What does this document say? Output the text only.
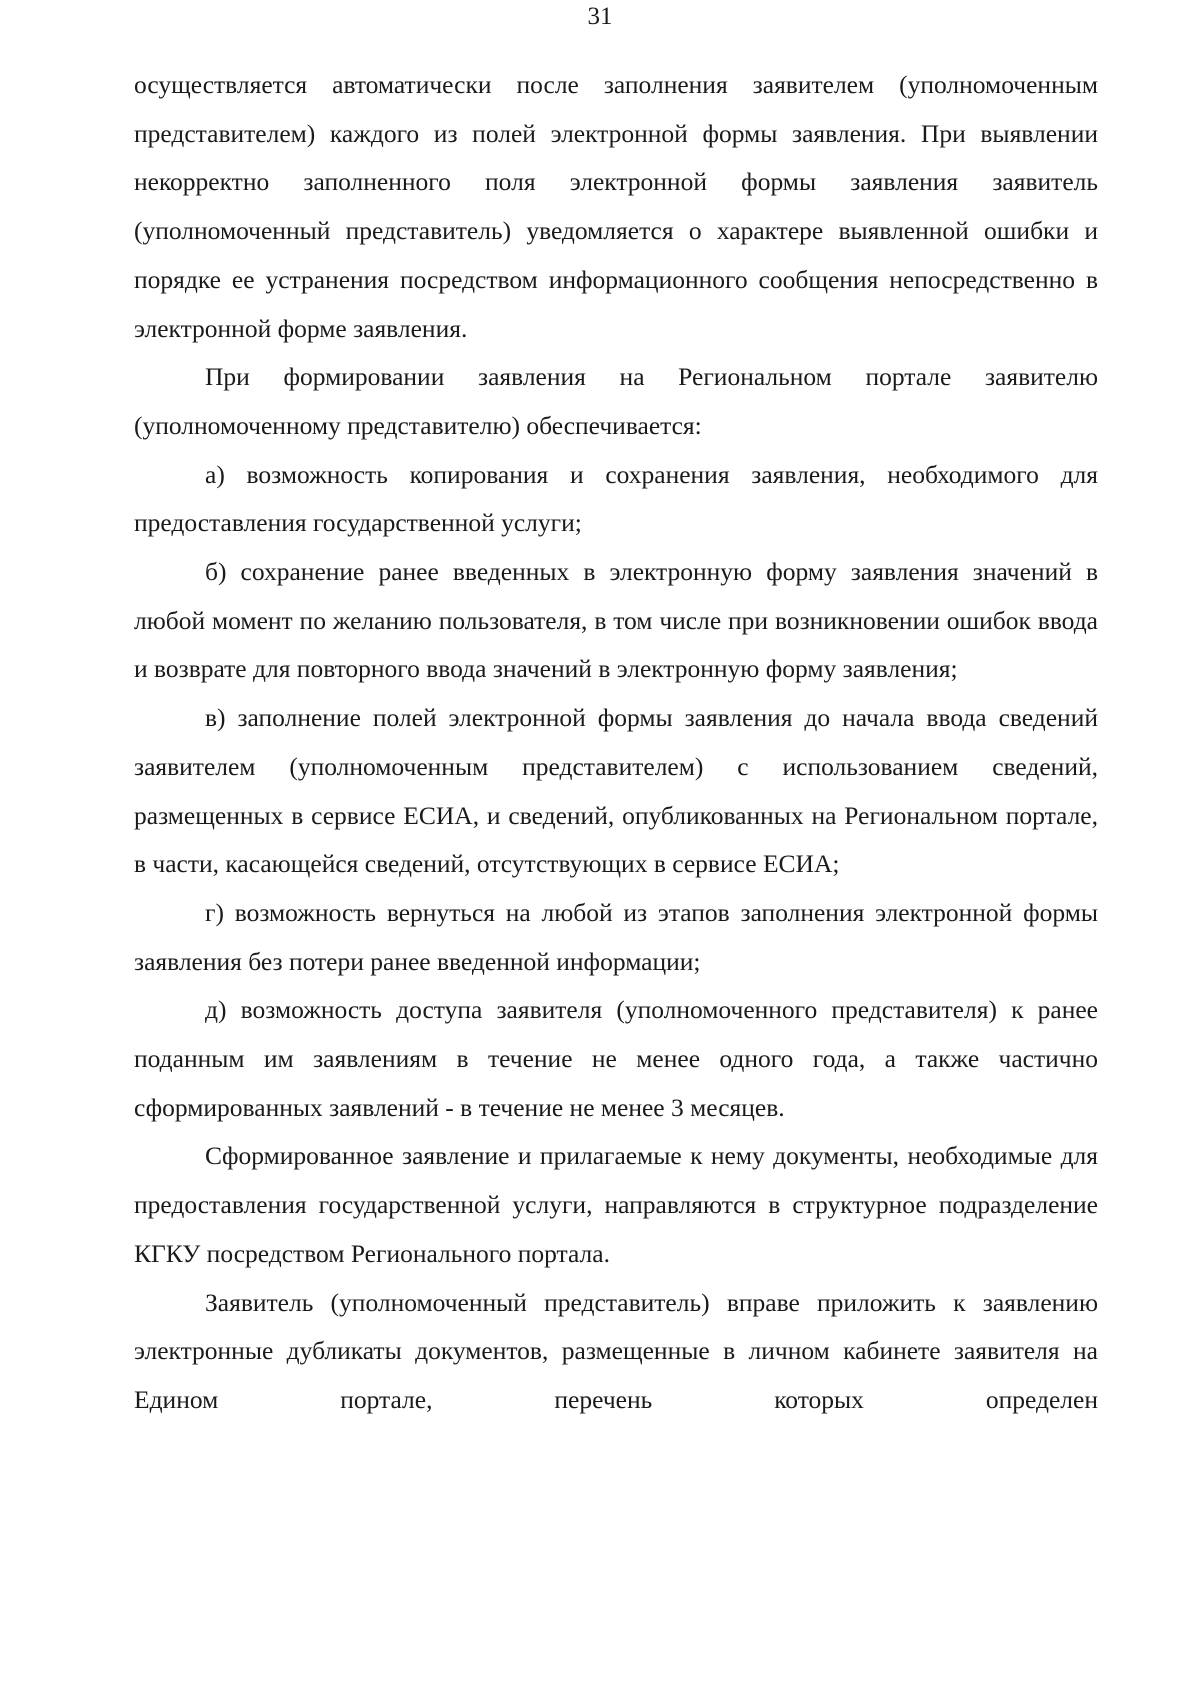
31

осуществляется автоматически после заполнения заявителем (уполномоченным представителем) каждого из полей электронной формы заявления. При выявлении некорректно заполненного поля электронной формы заявления заявитель (уполномоченный представитель) уведомляется о характере выявленной ошибки и порядке ее устранения посредством информационного сообщения непосредственно в электронной форме заявления.

При формировании заявления на Региональном портале заявителю (уполномоченному представителю) обеспечивается:

а) возможность копирования и сохранения заявления, необходимого для предоставления государственной услуги;

б) сохранение ранее введенных в электронную форму заявления значений в любой момент по желанию пользователя, в том числе при возникновении ошибок ввода и возврате для повторного ввода значений в электронную форму заявления;

в) заполнение полей электронной формы заявления до начала ввода сведений заявителем (уполномоченным представителем) с использованием сведений, размещенных в сервисе ЕСИА, и сведений, опубликованных на Региональном портале, в части, касающейся сведений, отсутствующих в сервисе ЕСИА;

г) возможность вернуться на любой из этапов заполнения электронной формы заявления без потери ранее введенной информации;

д) возможность доступа заявителя (уполномоченного представителя) к ранее поданным им заявлениям в течение не менее одного года, а также частично сформированных заявлений - в течение не менее 3 месяцев.

Сформированное заявление и прилагаемые к нему документы, необходимые для предоставления государственной услуги, направляются в структурное подразделение КГКУ посредством Регионального портала.

Заявитель (уполномоченный представитель) вправе приложить к заявлению электронные дубликаты документов, размещенные в личном кабинете заявителя на Едином портале, перечень которых определен
